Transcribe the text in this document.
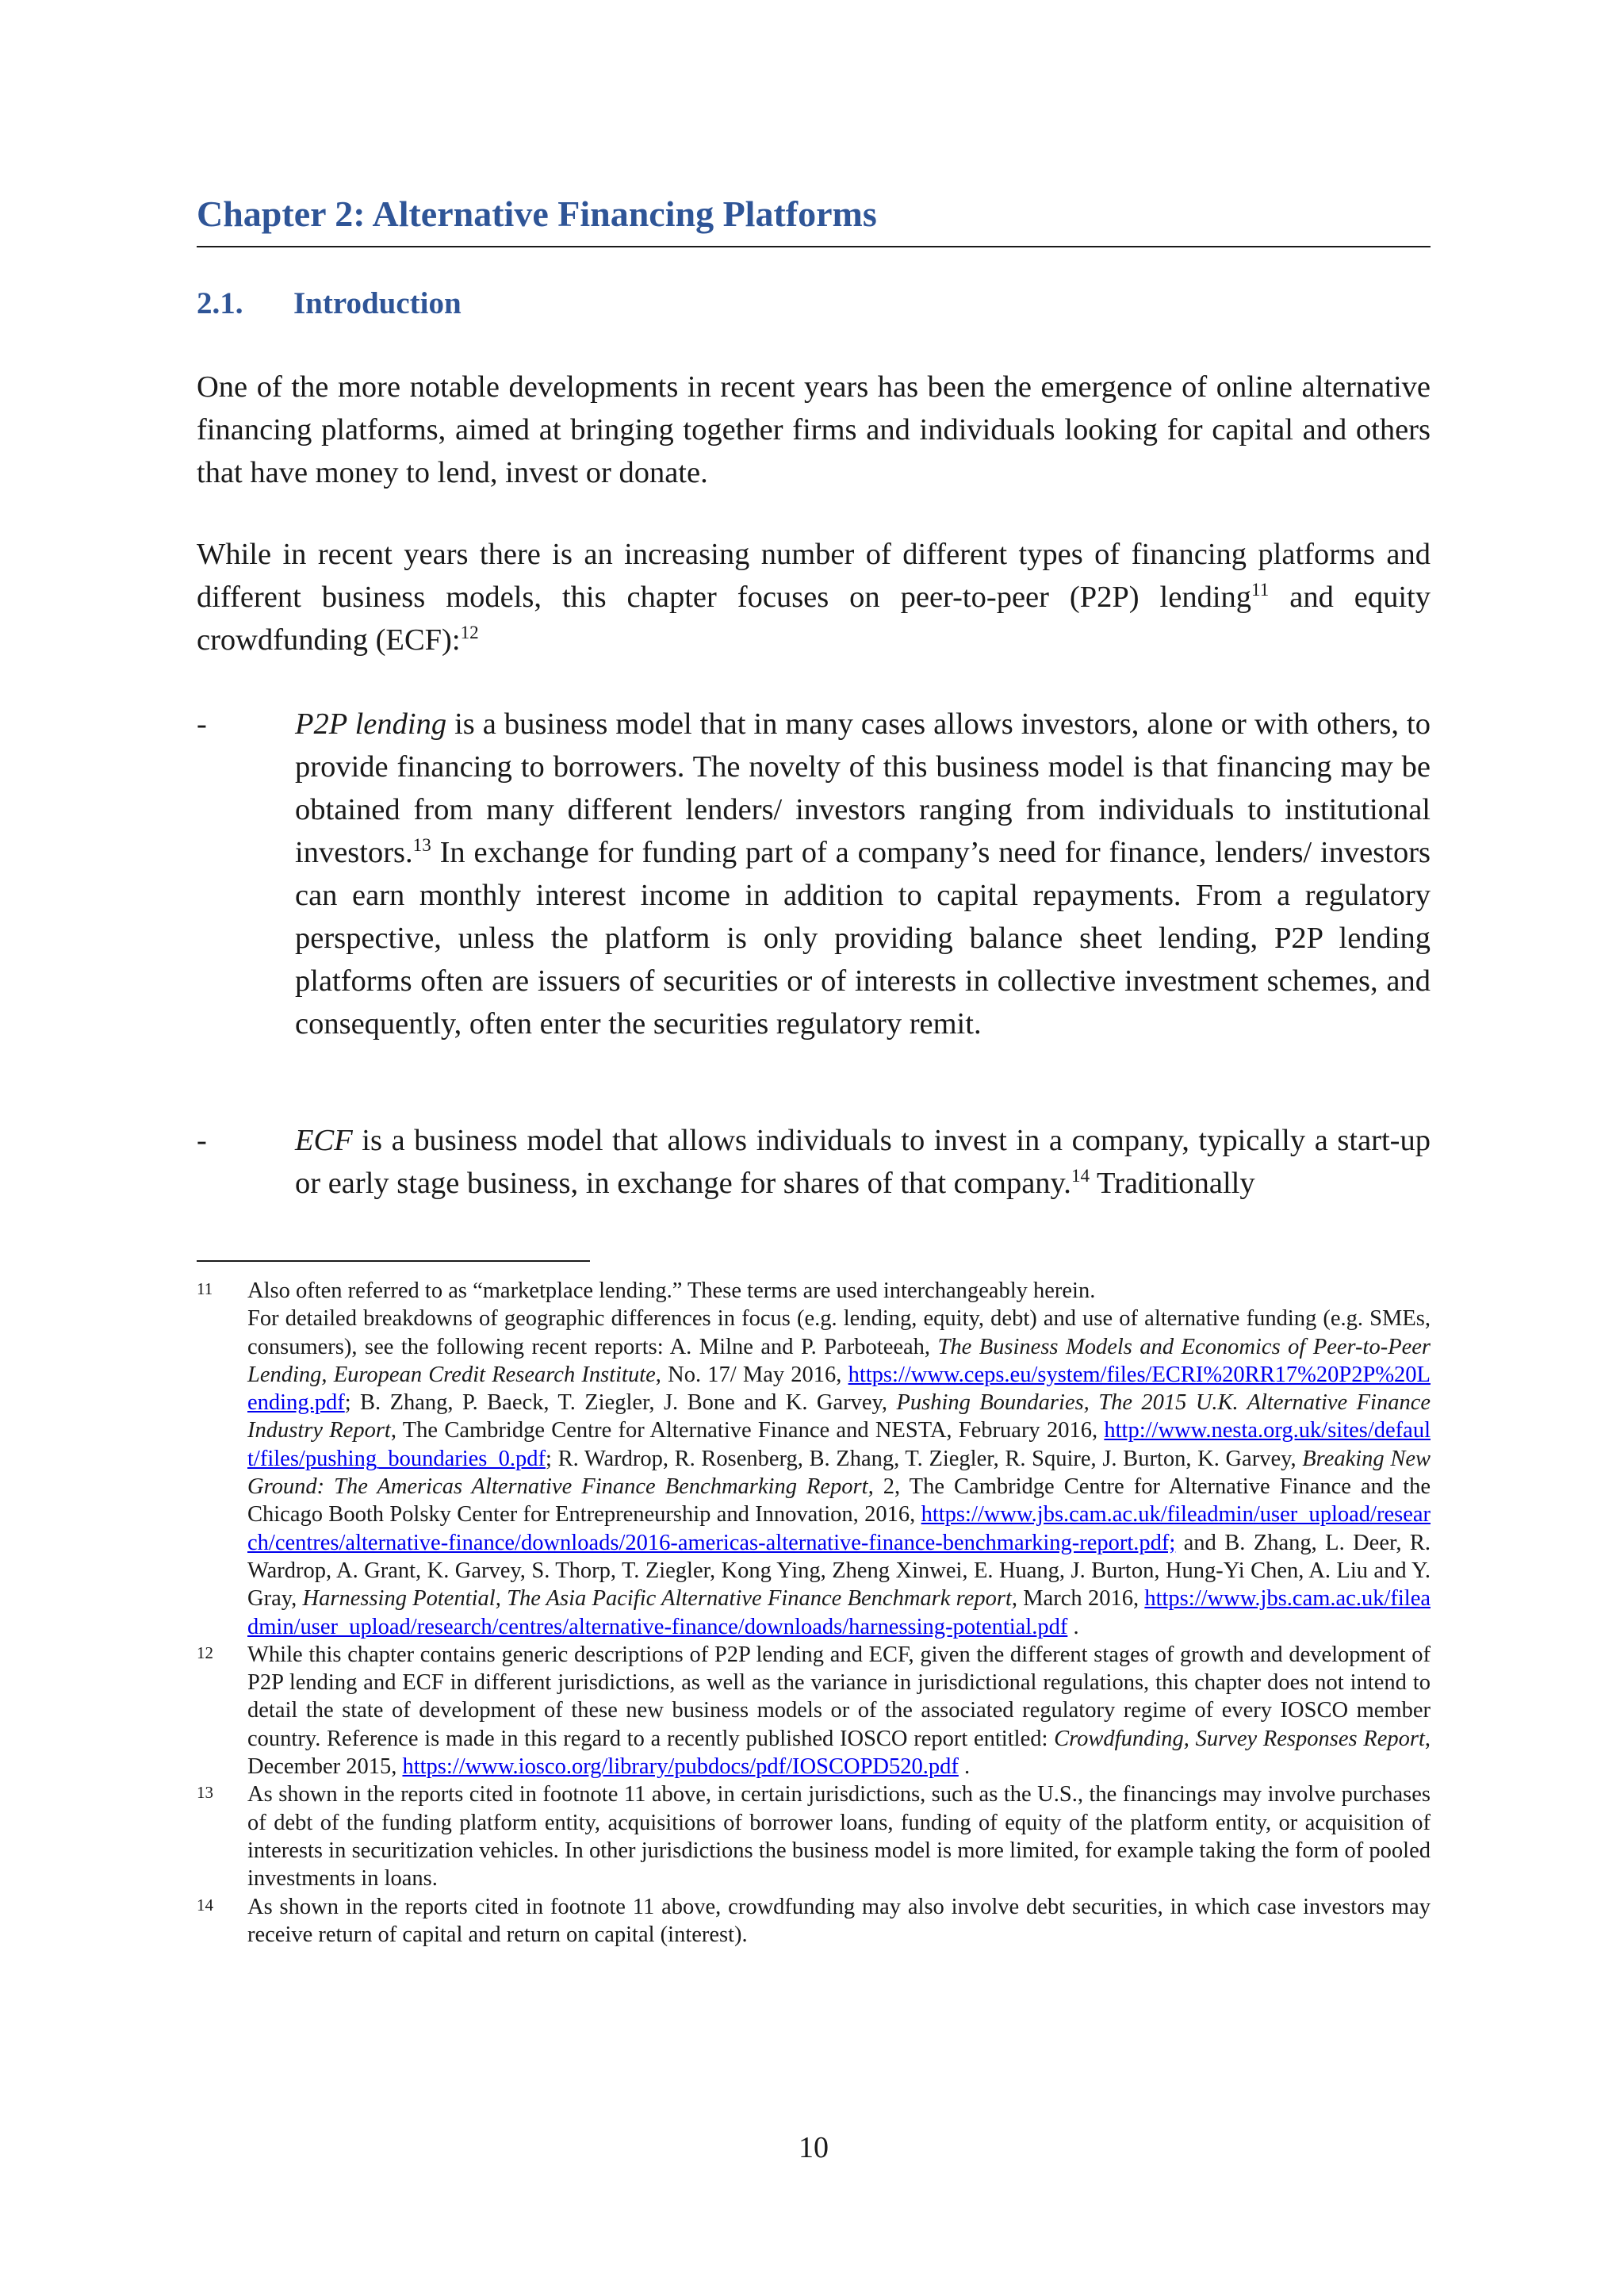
Chapter 2: Alternative Financing Platforms
2.1. Introduction

One of the more notable developments in recent years has been the emergence of online alternative financing platforms, aimed at bringing together firms and individuals looking for capital and others that have money to lend, invest or donate.

While in recent years there is an increasing number of different types of financing platforms and different business models, this chapter focuses on peer-to-peer (P2P) lending$^{11}$ and equity crowdfunding (ECF):$^{12}$

-	P2P lending is a business model that in many cases allows investors, alone or with others, to provide financing to borrowers. The novelty of this business model is that financing may be obtained from many different lenders/ investors ranging from individuals to institutional investors.$^{13}$ In exchange for funding part of a company’s need for finance, lenders/ investors can earn monthly interest income in addition to capital repayments. From a regulatory perspective, unless the platform is only providing balance sheet lending, P2P lending platforms often are issuers of securities or of interests in collective investment schemes, and consequently, often enter the securities regulatory remit.

-	ECF is a business model that allows individuals to invest in a company, typically a start-up or early stage business, in exchange for shares of that company.$^{14}$ Traditionally

11 Also often referred to as “marketplace lending.” These terms are used interchangeably herein.

For detailed breakdowns of geographic differences in focus (e.g. lending, equity, debt) and use of alternative funding (e.g. SMEs, consumers), see the following recent reports: A. Milne and P. Parboteeah, The Business Models and Economics of Peer-to-Peer Lending, European Credit Research Institute, No. 17/ May 2016, https://www.ceps.eu/system/files/ECRI%20RR17%20P2P%20Lending.pdf; B. Zhang, P. Baeck, T. Ziegler, J. Bone and K. Garvey, Pushing Boundaries, The 2015 U.K. Alternative Finance Industry Report, The Cambridge Centre for Alternative Finance and NESTA, February 2016, http://www.nesta.org.uk/sites/default/files/pushing_boundaries_0.pdf; R. Wardrop, R. Rosenberg, B. Zhang, T. Ziegler, R. Squire, J. Burton, K. Garvey, Breaking New Ground: The Americas Alternative Finance Benchmarking Report, 2, The Cambridge Centre for Alternative Finance and the Chicago Booth Polsky Center for Entrepreneurship and Innovation, 2016, https://www.jbs.cam.ac.uk/fileadmin/user_upload/research/centres/alternative-finance/downloads/2016-americas-alternative-finance-benchmarking-report.pdf; and B. Zhang, L. Deer, R. Wardrop, A. Grant, K. Garvey, S. Thorp, T. Ziegler, Kong Ying, Zheng Xinwei, E. Huang, J. Burton, Hung-Yi Chen, A. Liu and Y. Gray, Harnessing Potential, The Asia Pacific Alternative Finance Benchmark report, March 2016, https://www.jbs.cam.ac.uk/fileadmin/user_upload/research/centres/alternative-finance/downloads/harnessing-potential.pdf .

12 While this chapter contains generic descriptions of P2P lending and ECF, given the different stages of growth and development of P2P lending and ECF in different jurisdictions, as well as the variance in jurisdictional regulations, this chapter does not intend to detail the state of development of these new business models or of the associated regulatory regime of every IOSCO member country. Reference is made in this regard to a recently published IOSCO report entitled: Crowdfunding, Survey Responses Report, December 2015, https://www.iosco.org/library/pubdocs/pdf/IOSCOPD520.pdf .

13 As shown in the reports cited in footnote 11 above, in certain jurisdictions, such as the U.S., the financings may involve purchases of debt of the funding platform entity, acquisitions of borrower loans, funding of equity of the platform entity, or acquisition of interests in securitization vehicles. In other jurisdictions the business model is more limited, for example taking the form of pooled investments in loans.

14 As shown in the reports cited in footnote 11 above, crowdfunding may also involve debt securities, in which case investors may receive return of capital and return on capital (interest).

10
